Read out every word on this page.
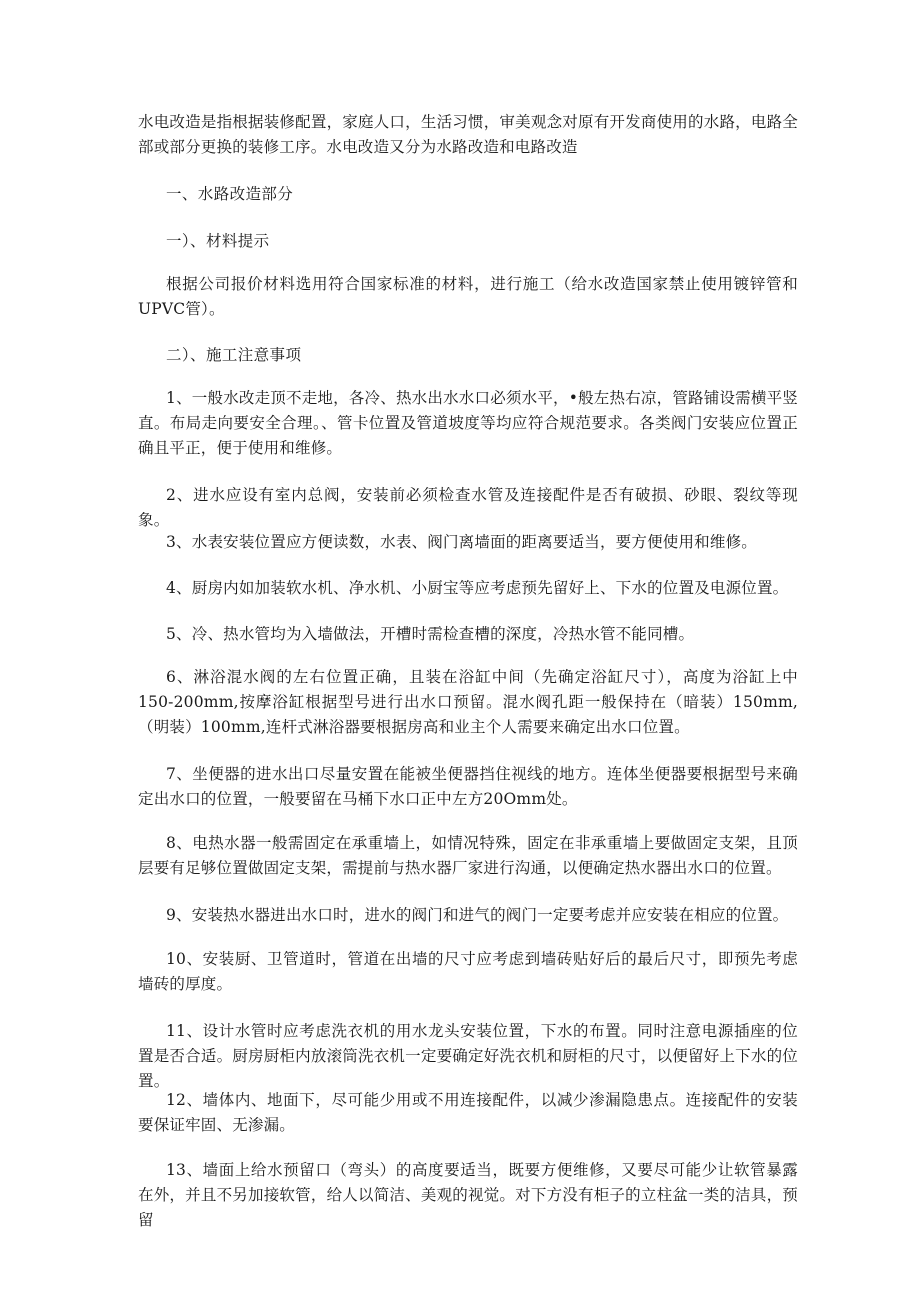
水电改造是指根据装修配置，家庭人口，生活习惯，审美观念对原有开发商使用的水路，电路全部或部分更换的装修工序。水电改造又分为水路改造和电路改造

一、水路改造部分

一）、材料提示

根据公司报价材料选用符合国家标准的材料，进行施工（给水改造国家禁止使用镀锌管和UPVC管）。

二）、施工注意事项

1、一般水改走顶不走地，各冷、热水出水水口必须水平，•般左热右凉，管路铺设需横平竖直。布局走向要安全合理。、管卡位置及管道坡度等均应符合规范要求。各类阀门安装应位置正确且平正，便于使用和维修。

2、进水应设有室内总阀，安装前必须检查水管及连接配件是否有破损、砂眼、裂纹等现象。

3、水表安装位置应方便读数，水表、阀门离墙面的距离要适当，要方便使用和维修。

4、厨房内如加装软水机、净水机、小厨宝等应考虑预先留好上、下水的位置及电源位置。

5、冷、热水管均为入墙做法，开槽时需检查槽的深度，冷热水管不能同槽。

6、淋浴混水阀的左右位置正确，且装在浴缸中间（先确定浴缸尺寸），高度为浴缸上中150-200mm,按摩浴缸根据型号进行出水口预留。混水阀孔距一般保持在（暗装）150mm,（明装）100mm,连杆式淋浴器要根据房高和业主个人需要来确定出水口位置。

7、坐便器的进水出口尽量安置在能被坐便器挡住视线的地方。连体坐便器要根据型号来确定出水口的位置，一般要留在马桶下水口正中左方20Omm处。

8、电热水器一般需固定在承重墙上，如情况特殊，固定在非承重墙上要做固定支架，且顶层要有足够位置做固定支架，需提前与热水器厂家进行沟通，以便确定热水器出水口的位置。

9、安装热水器进出水口时，进水的阀门和进气的阀门一定要考虑并应安装在相应的位置。

10、安装厨、卫管道时，管道在出墙的尺寸应考虑到墙砖贴好后的最后尺寸，即预先考虑墙砖的厚度。

11、设计水管时应考虑洗衣机的用水龙头安装位置，下水的布置。同时注意电源插座的位置是否合适。厨房厨柜内放滚筒洗衣机一定要确定好洗衣机和厨柜的尺寸，以便留好上下水的位置。

12、墙体内、地面下，尽可能少用或不用连接配件，以减少渗漏隐患点。连接配件的安装要保证牢固、无渗漏。

13、墙面上给水预留口（弯头）的高度要适当，既要方便维修，又要尽可能少让软管暴露在外，并且不另加接软管，给人以简洁、美观的视觉。对下方没有柜子的立柱盆一类的洁具，预留
